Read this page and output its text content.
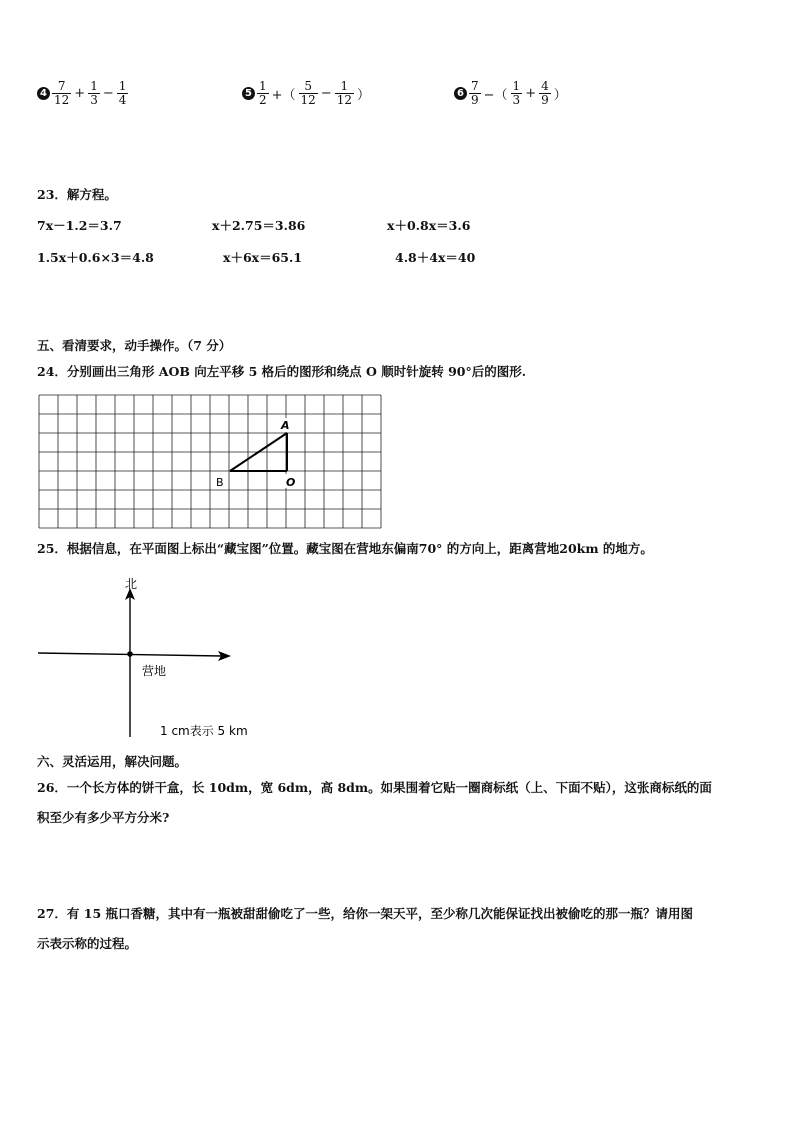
$4 \frac{7}{12} + \frac{1}{3} - \frac{1}{4}$	$5 \frac{1}{2}$ +（ $\frac{5}{12} - \frac{1}{12}$ ）	$6 \frac{7}{9}$ −（ $\frac{1}{3} + \frac{4}{9}$ ）
23．解方程。
7x－1.2＝3.7	x＋2.75＝3.86	x＋0.8x＝3.6
1.5x＋0.6×3＝4.8	x＋6x＝65.1	4.8＋4x＝40
五、看清要求，动手操作。（7 分）
24．分别画出三角形 AOB 向左平移 5 格后的图形和绕点 O 顺时针旋转 90°后的图形.
A
B	O
25．根据信息，在平面图上标出“藏宝图”位置。藏宝图在营地东偏南70° 的方向上，距离营地20km 的地方。
北
营地
1 cm表示 5 km
六、灵活运用，解决问题。
26．一个长方体的饼干盒，长 10dm，宽 6dm，高 8dm。如果围着它贴一圈商标纸（上、下面不贴），这张商标纸的面
积至少有多少平方分米?
27．有 15 瓶口香糖，其中有一瓶被甜甜偷吃了一些，给你一架天平，至少称几次能保证找出被偷吃的那一瓶？请用图
示表示称的过程。
